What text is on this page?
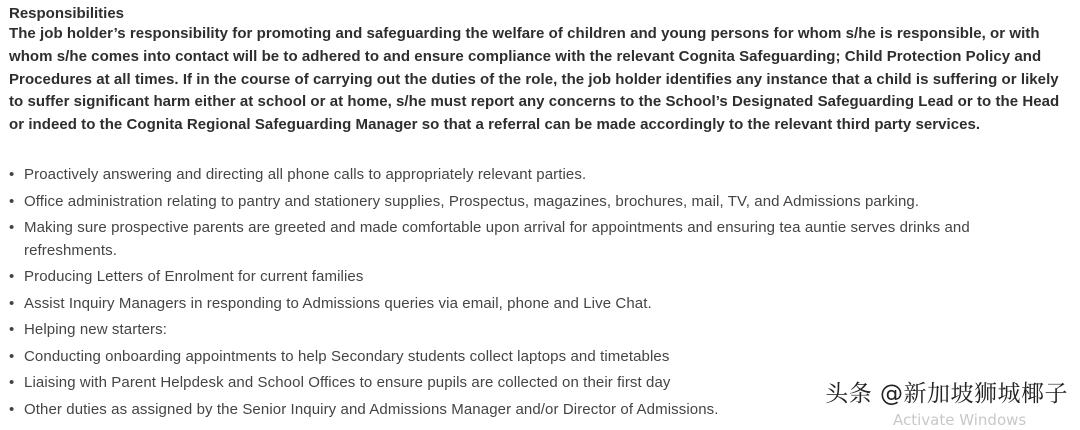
Responsibilities

The job holder’s responsibility for promoting and safeguarding the welfare of children and young persons for whom s/he is responsible, or with whom s/he comes into contact will be to adhered to and ensure compliance with the relevant Cognita Safeguarding; Child Protection Policy and Procedures at all times. If in the course of carrying out the duties of the role, the job holder identifies any instance that a child is suffering or likely to suffer significant harm either at school or at home, s/he must report any concerns to the School’s Designated Safeguarding Lead or to the Head or indeed to the Cognita Regional Safeguarding Manager so that a referral can be made accordingly to the relevant third party services.

• Proactively answering and directing all phone calls to appropriately relevant parties.
• Office administration relating to pantry and stationery supplies, Prospectus, magazines, brochures, mail, TV, and Admissions parking.
• Making sure prospective parents are greeted and made comfortable upon arrival for appointments and ensuring tea auntie serves drinks and refreshments.
• Producing Letters of Enrolment for current families
• Assist Inquiry Managers in responding to Admissions queries via email, phone and Live Chat.
• Helping new starters:
• Conducting onboarding appointments to help Secondary students collect laptops and timetables
• Liaising with Parent Helpdesk and School Offices to ensure pupils are collected on their first day
• Other duties as assigned by the Senior Inquiry and Admissions Manager and/or Director of Admissions.
Activate Windows
头条 @新加坡狮城椰子
